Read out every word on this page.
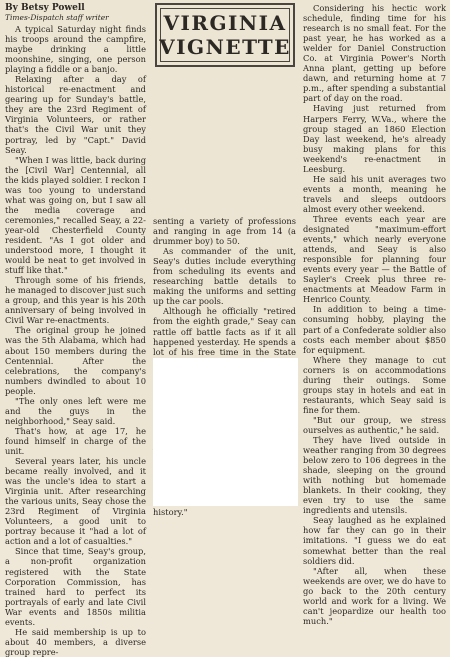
By Betsy Powell
Times-Dispatch staff writer

A typical Saturday night finds his troops around the campfire, maybe drinking a little moonshine, singing, one person playing a fiddle or a banjo.

Relaxing after a day of historical re-enactment and gearing up for Sunday's battle, they are the 23rd Regiment of Virginia Volunteers, or rather that's the Civil War unit they portray, led by "Capt." David Seay.

"When I was little, back during the [Civil War] Centennial, all the kids played soldier. I reckon I was too young to understand what was going on, but I saw all the media coverage and ceremonies," recalled Seay, a 22-year-old Chesterfield County resident. "As I got older and understood more, I thought it would be neat to get involved in stuff like that."

Through some of his friends, he managed to discover just such a group, and this year is his 20th anniversary of being involved in Civil War re-enactments.

The original group he joined was the 5th Alabama, which had about 150 members during the Centennial. After the celebrations, the company's numbers dwindled to about 10 people.

"The only ones left were me and the guys in the neighborhood," Seay said.

That's how, at age 17, he found himself in charge of the unit.

Several years later, his uncle became really involved, and it was the uncle's idea to start a Virginia unit. After researching the various units, Seay chose the 23rd Regiment of Virginia Volunteers, a good unit to portray because it "had a lot of action and a lot of casualties."

Since that time, Seay's group, a non-profit organization registered with the State Corporation Commission, has trained hard to perfect its portrayals of early and late Civil War events and 1850s militia events.

He said membership is up to about 40 members, a diverse group repre-

VIRGINIA
VIGNETTE

senting a variety of professions and ranging in age from 14 (a drummer boy) to 50.

As commander of the unit, Seay's duties include everything from scheduling its events and researching battle details to making the uniforms and setting up the car pools.

Although he officially "retired from the eighth grade," Seay can rattle off battle facts as if it all happened yesterday. He spends a lot of his free time in the State

history."

Considering his hectic work schedule, finding time for his research is no small feat. For the past year, he has worked as a welder for Daniel Construction Co. at Virginia Power's North Anna plant, getting up before dawn, and returning home at 7 p.m., after spending a substantial part of day on the road.

Having just returned from Harpers Ferry, W.Va., where the group staged an 1860 Election Day last weekend, he's already busy making plans for this weekend's re-enactment in Leesburg.

He said his unit averages two events a month, meaning he travels and sleeps outdoors almost every other weekend.

Three events each year are designated "maximum-effort events," which nearly everyone attends, and Seay is also responsible for planning four events every year — the Battle of Sayler's Creek plus three re-enactments at Meadow Farm in Henrico County.

In addition to being a time-consuming hobby, playing the part of a Confederate soldier also costs each member about $850 for equipment.

Where they manage to cut corners is on accommodations during their outings. Some groups stay in hotels and eat in restaurants, which Seay said is fine for them.

"But our group, we stress ourselves as authentic," he said.

They have lived outside in weather ranging from 30 degrees below zero to 106 degrees in the shade, sleeping on the ground with nothing but homemade blankets. In their cooking, they even try to use the same ingredients and utensils.

Seay laughed as he explained how far they can go in their imitations. "I guess we do eat somewhat better than the real soldiers did.

"After all, when these weekends are over, we do have to go back to the 20th century world and work for a living. We can't jeopardize our health too much."
